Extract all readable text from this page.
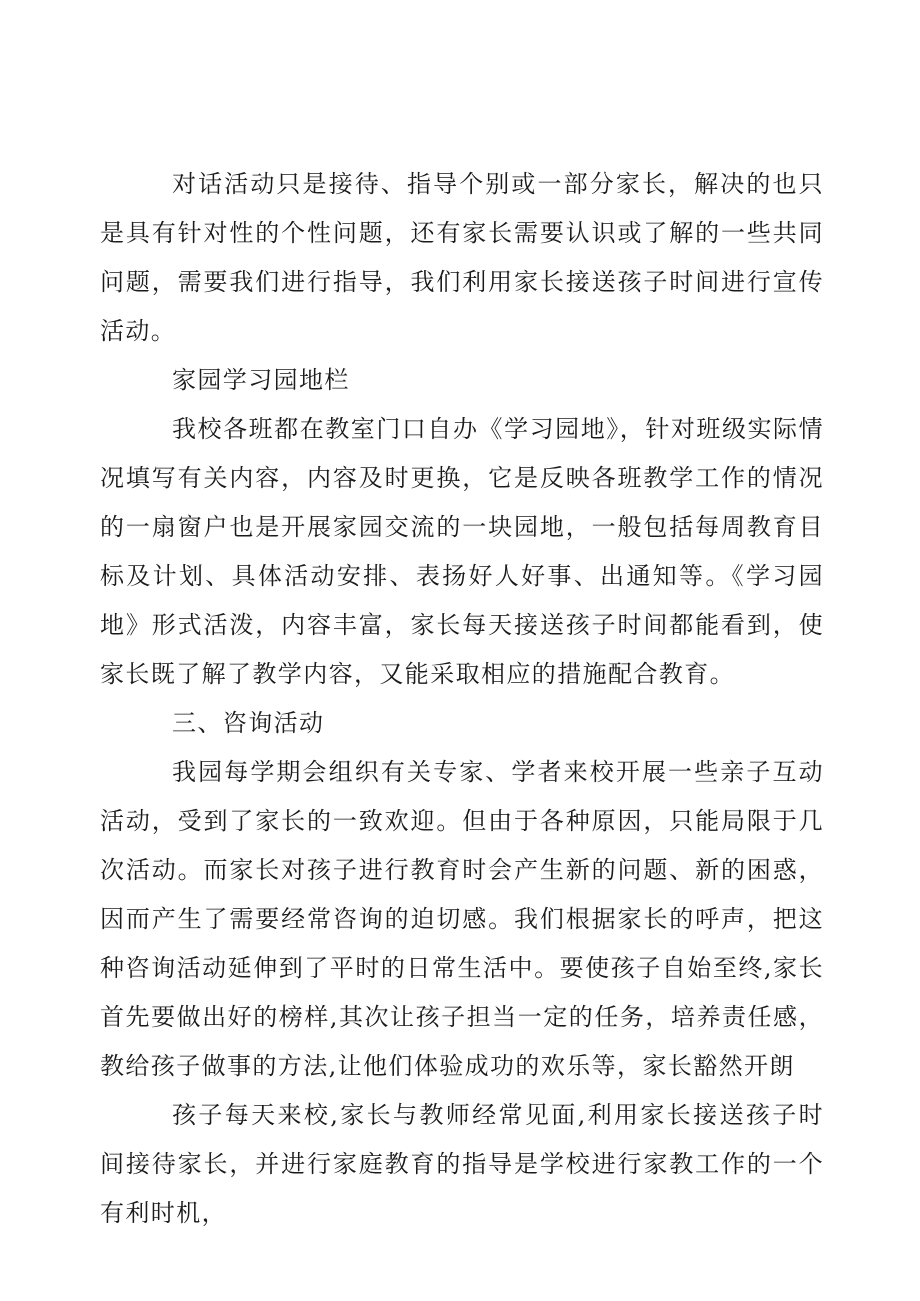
对话活动只是接待、指导个别或一部分家长，解决的也只是具有针对性的个性问题，还有家长需要认识或了解的一些共同问题，需要我们进行指导，我们利用家长接送孩子时间进行宣传活动。

家园学习园地栏

我校各班都在教室门口自办《学习园地》，针对班级实际情况填写有关内容，内容及时更换，它是反映各班教学工作的情况的一扇窗户也是开展家园交流的一块园地，一般包括每周教育目标及计划、具体活动安排、表扬好人好事、出通知等。《学习园地》形式活泼，内容丰富，家长每天接送孩子时间都能看到，使家长既了解了教学内容，又能采取相应的措施配合教育。

三、咨询活动

我园每学期会组织有关专家、学者来校开展一些亲子互动活动，受到了家长的一致欢迎。但由于各种原因，只能局限于几次活动。而家长对孩子进行教育时会产生新的问题、新的困惑，因而产生了需要经常咨询的迫切感。我们根据家长的呼声，把这种咨询活动延伸到了平时的日常生活中。要使孩子自始至终,家长首先要做出好的榜样,其次让孩子担当一定的任务，培养责任感，教给孩子做事的方法,让他们体验成功的欢乐等，家长豁然开朗

孩子每天来校,家长与教师经常见面,利用家长接送孩子时间接待家长，并进行家庭教育的指导是学校进行家教工作的一个有利时机，
